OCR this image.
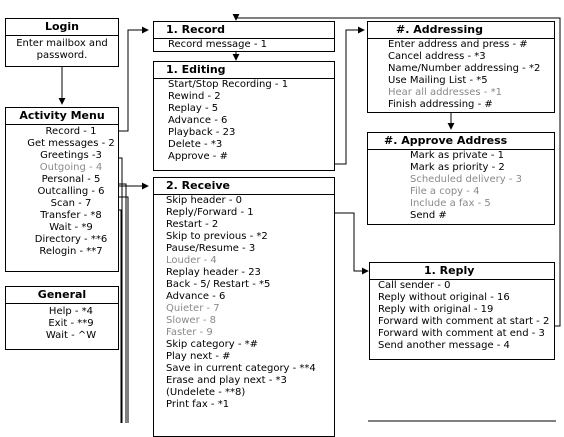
Login
Enter mailbox and
password.
Activity Menu
Record - 1
Get messages - 2
Greetings -3
Outgoing - 4
Personal - 5
Outcalling - 6
Scan - 7
Transfer - *8
Wait - *9
Directory - **6
Relogin - **7
General
Help - *4
Exit - **9
Wait - ^W
1. Record
Record message - 1
1. Editing
Start/Stop Recording - 1
Rewind - 2
Replay - 5
Advance - 6
Playback - 23
Delete - *3
Approve - #
2. Receive
Skip header - 0
Reply/Forward - 1
Restart - 2
Skip to previous - *2
Pause/Resume - 3
Louder - 4
Replay header - 23
Back - 5/ Restart - *5
Advance - 6
Quieter - 7
Slower - 8
Faster - 9
Skip category - *#
Play next - #
Save in current category - **4
Erase and play next - *3
(Undelete - **8)
Print fax - *1
#. Addressing
Enter address and press - #
Cancel address - *3
Name/Number addressing - *2
Use Mailing List - *5
Hear all addresses - *1
Finish addressing - #
#. Approve Address
Mark as private - 1
Mark as priority - 2
Scheduled delivery - 3
File a copy - 4
Include a fax - 5
Send #
1. Reply
Call sender - 0
Reply without original - 16
Reply with original - 19
Forward with comment at start - 2
Forward with comment at end - 3
Send another message - 4
